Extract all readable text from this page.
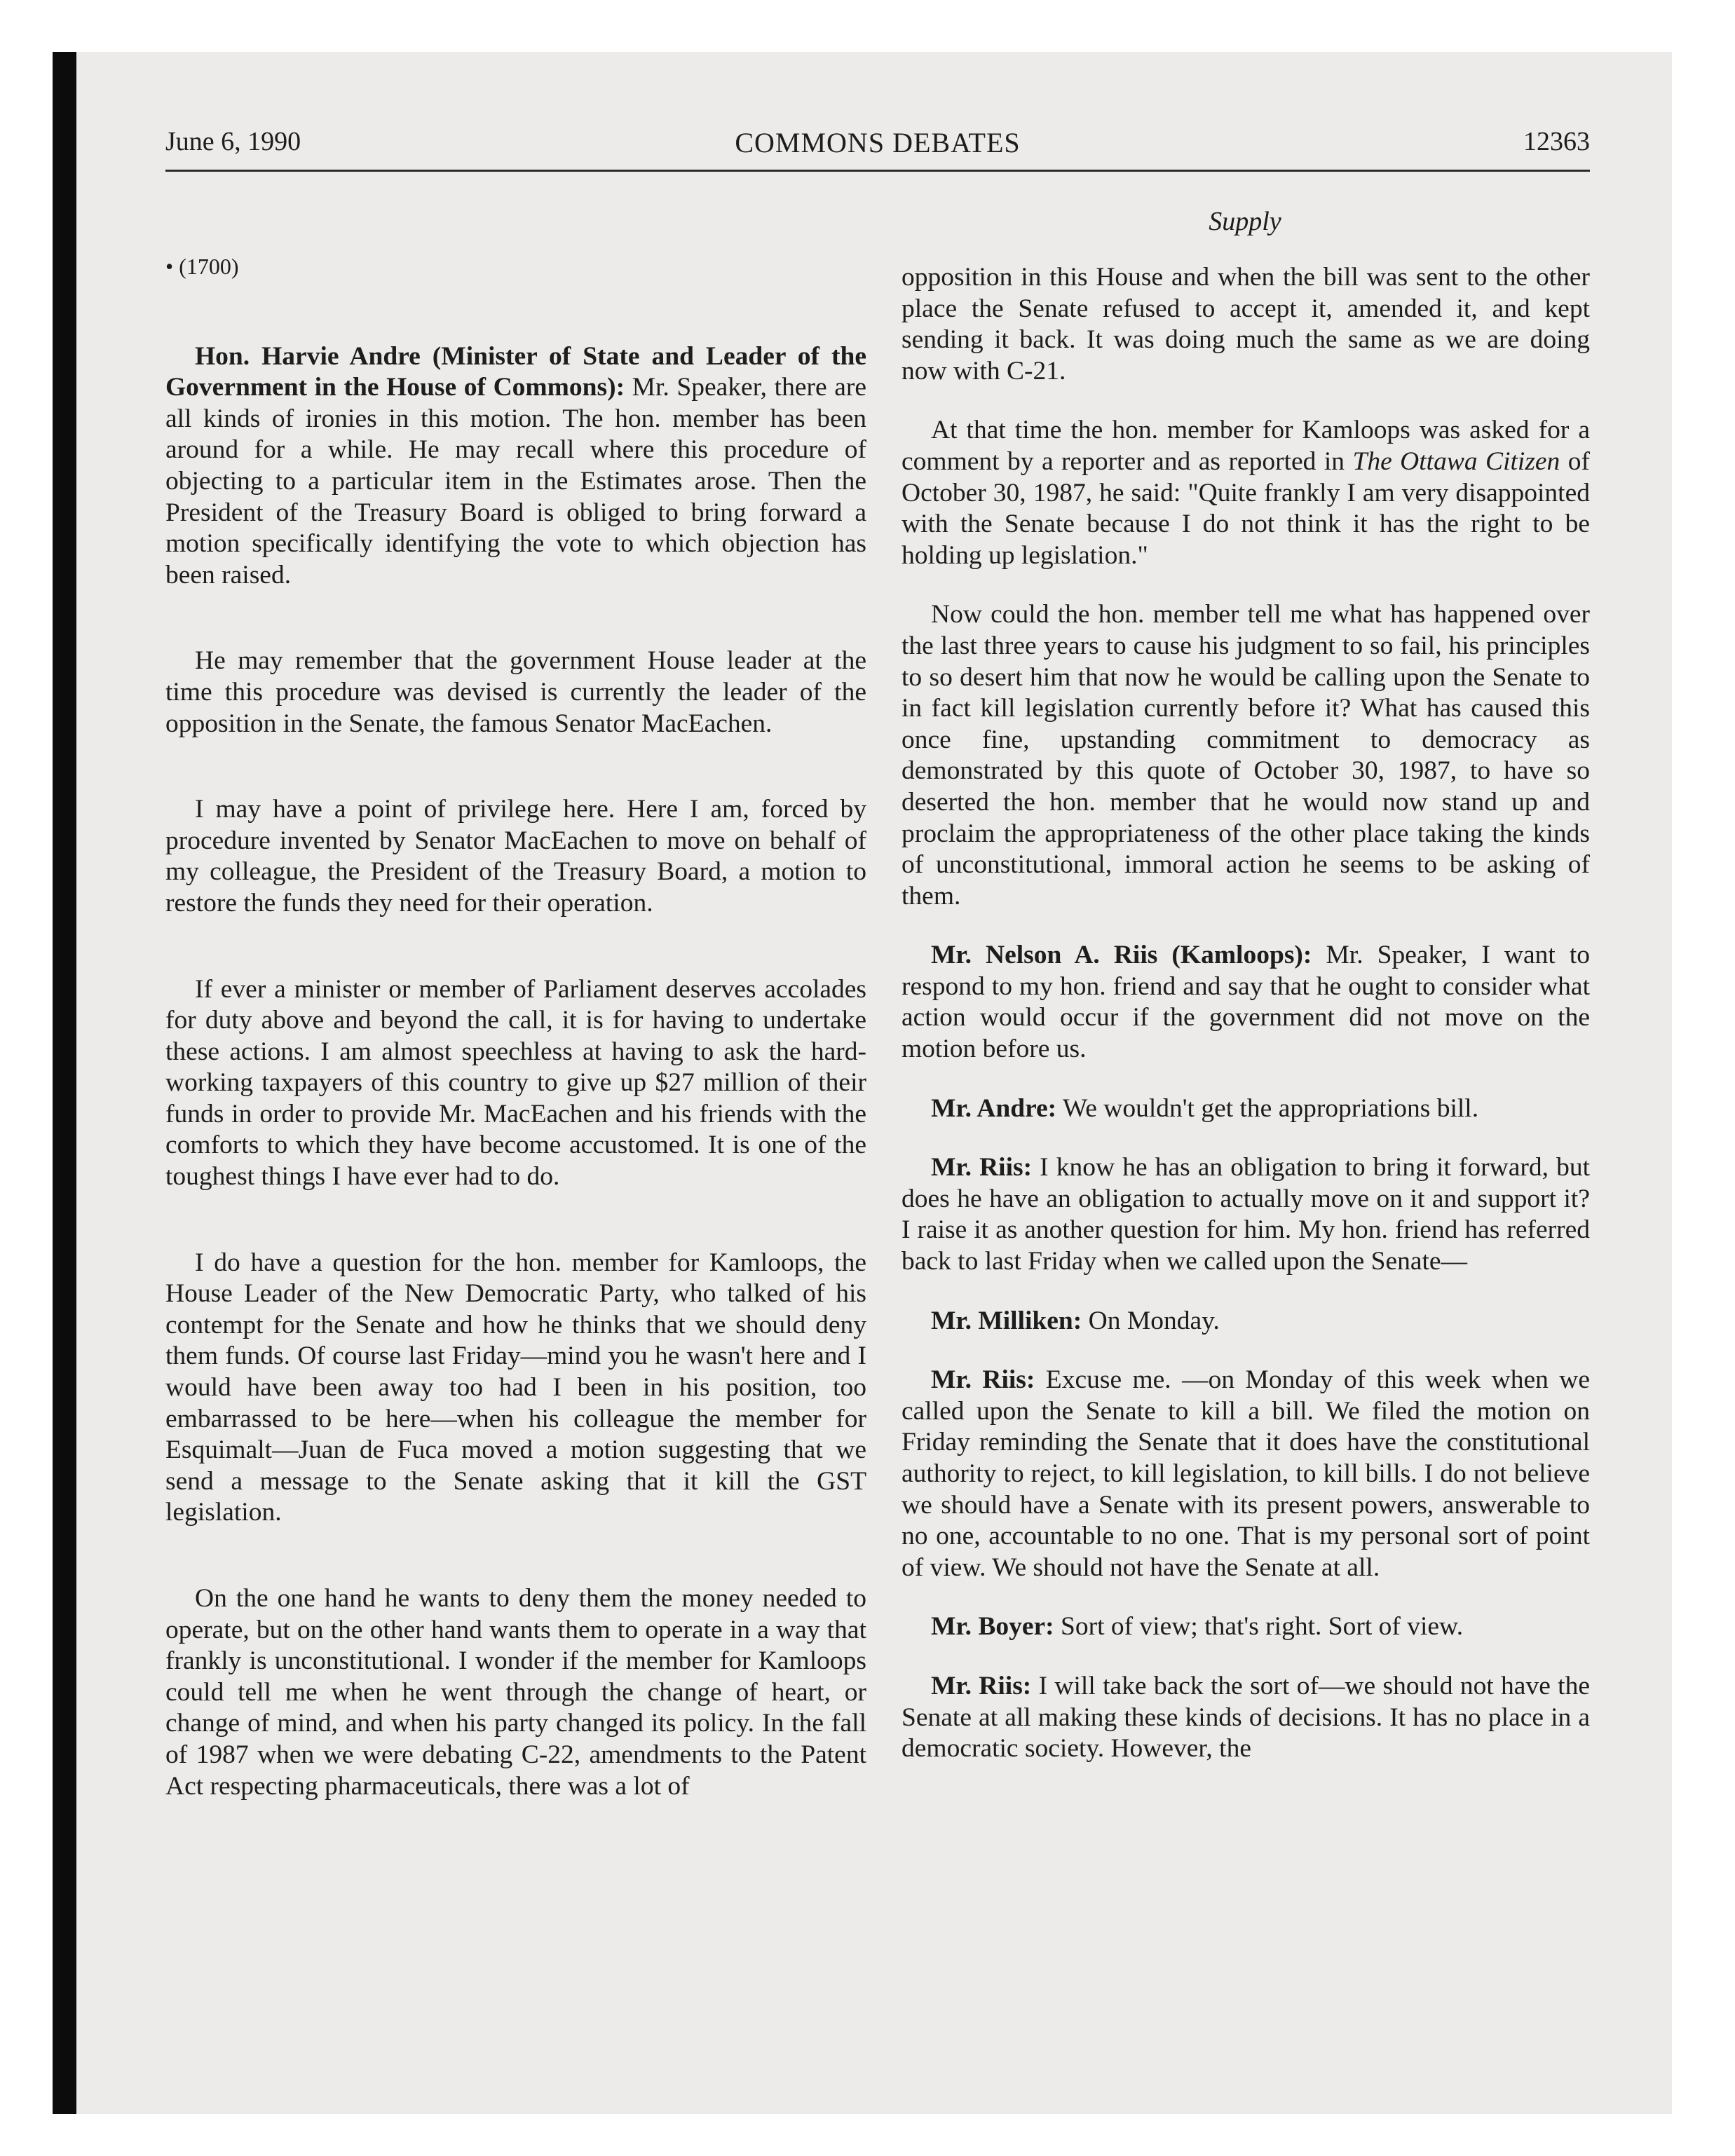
June 6, 1990	COMMONS DEBATES	12363
Supply

• (1700)

Hon. Harvie Andre (Minister of State and Leader of the Government in the House of Commons): Mr. Speaker, there are all kinds of ironies in this motion. The hon. member has been around for a while. He may recall where this procedure of objecting to a particular item in the Estimates arose. Then the President of the Treasury Board is obliged to bring forward a motion specifically identifying the vote to which objection has been raised.

He may remember that the government House leader at the time this procedure was devised is currently the leader of the opposition in the Senate, the famous Senator MacEachen.

I may have a point of privilege here. Here I am, forced by procedure invented by Senator MacEachen to move on behalf of my colleague, the President of the Treasury Board, a motion to restore the funds they need for their operation.

If ever a minister or member of Parliament deserves accolades for duty above and beyond the call, it is for having to undertake these actions. I am almost speechless at having to ask the hard-working taxpayers of this country to give up $27 million of their funds in order to provide Mr. MacEachen and his friends with the comforts to which they have become accustomed. It is one of the toughest things I have ever had to do.

I do have a question for the hon. member for Kamloops, the House Leader of the New Democratic Party, who talked of his contempt for the Senate and how he thinks that we should deny them funds. Of course last Friday—mind you he wasn't here and I would have been away too had I been in his position, too embarrassed to be here—when his colleague the member for Esquimalt—Juan de Fuca moved a motion suggesting that we send a message to the Senate asking that it kill the GST legislation.

On the one hand he wants to deny them the money needed to operate, but on the other hand wants them to operate in a way that frankly is unconstitutional. I wonder if the member for Kamloops could tell me when he went through the change of heart, or change of mind, and when his party changed its policy. In the fall of 1987 when we were debating C-22, amendments to the Patent Act respecting pharmaceuticals, there was a lot of

opposition in this House and when the bill was sent to the other place the Senate refused to accept it, amended it, and kept sending it back. It was doing much the same as we are doing now with C-21.

At that time the hon. member for Kamloops was asked for a comment by a reporter and as reported in The Ottawa Citizen of October 30, 1987, he said: "Quite frankly I am very disappointed with the Senate because I do not think it has the right to be holding up legislation."

Now could the hon. member tell me what has happened over the last three years to cause his judgment to so fail, his principles to so desert him that now he would be calling upon the Senate to in fact kill legislation currently before it? What has caused this once fine, upstanding commitment to democracy as demonstrated by this quote of October 30, 1987, to have so deserted the hon. member that he would now stand up and proclaim the appropriateness of the other place taking the kinds of unconstitutional, immoral action he seems to be asking of them.

Mr. Nelson A. Riis (Kamloops): Mr. Speaker, I want to respond to my hon. friend and say that he ought to consider what action would occur if the government did not move on the motion before us.

Mr. Andre: We wouldn't get the appropriations bill.

Mr. Riis: I know he has an obligation to bring it forward, but does he have an obligation to actually move on it and support it? I raise it as another question for him. My hon. friend has referred back to last Friday when we called upon the Senate—

Mr. Milliken: On Monday.

Mr. Riis: Excuse me. —on Monday of this week when we called upon the Senate to kill a bill. We filed the motion on Friday reminding the Senate that it does have the constitutional authority to reject, to kill legislation, to kill bills. I do not believe we should have a Senate with its present powers, answerable to no one, accountable to no one. That is my personal sort of point of view. We should not have the Senate at all.

Mr. Boyer: Sort of view; that's right. Sort of view.

Mr. Riis: I will take back the sort of—we should not have the Senate at all making these kinds of decisions. It has no place in a democratic society. However, the
